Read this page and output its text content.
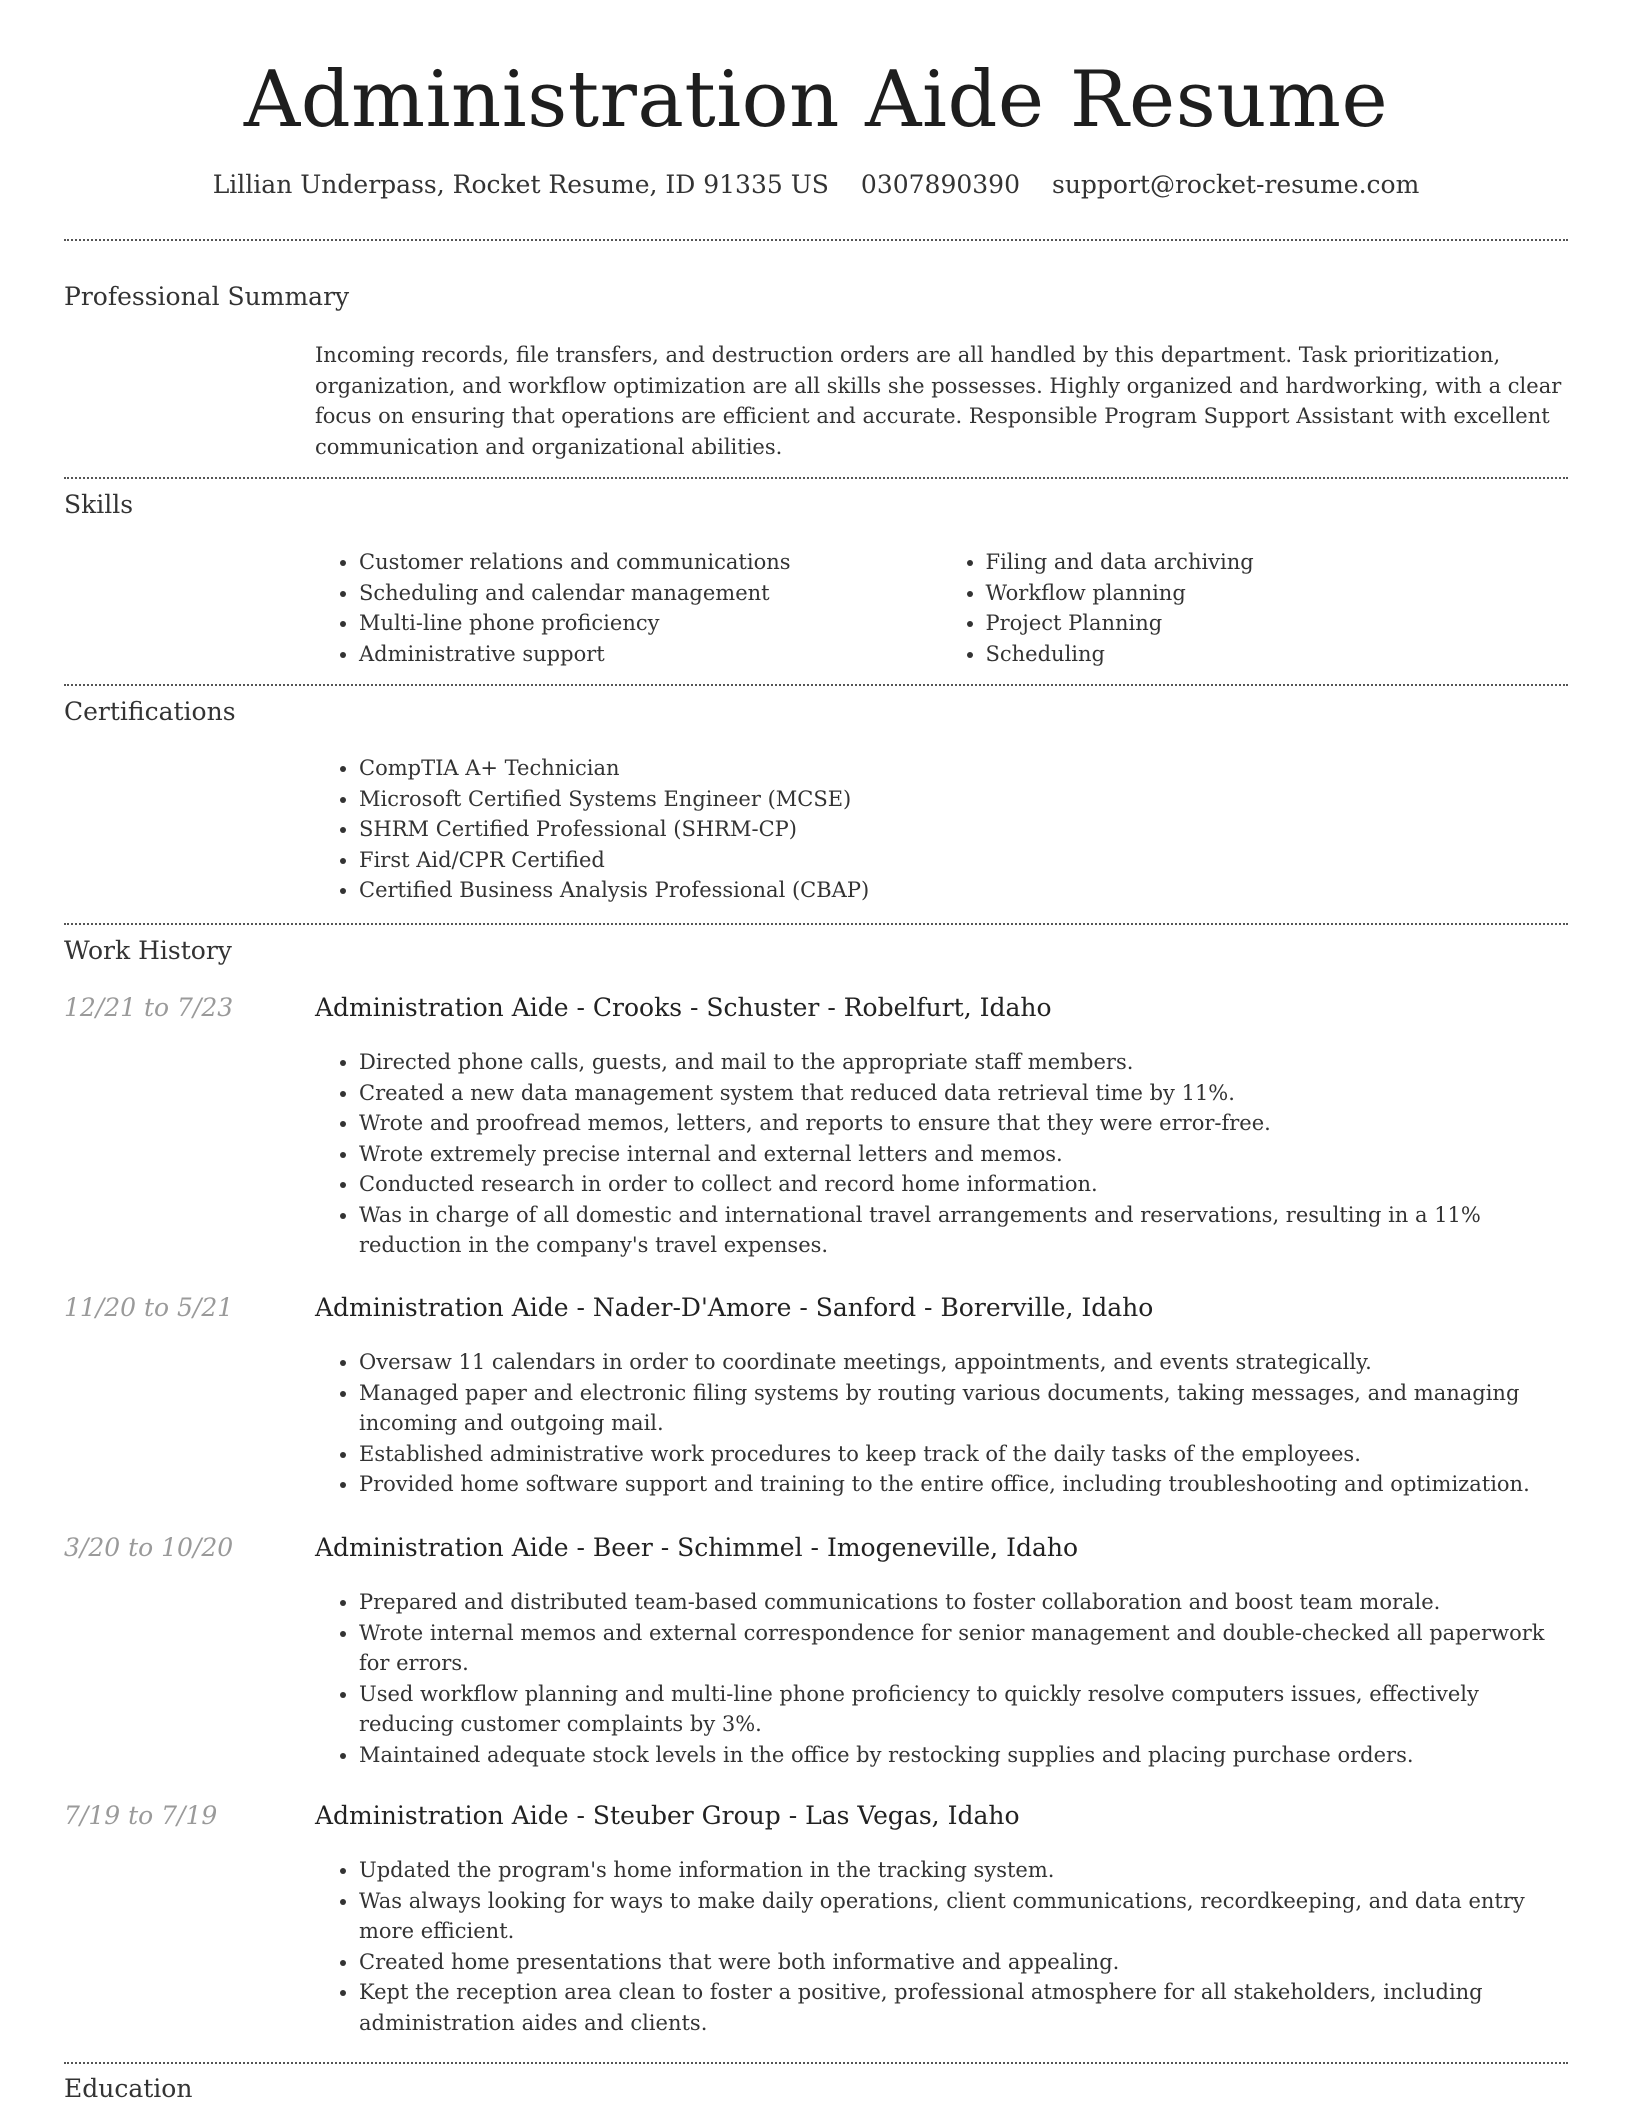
Administration Aide Resume
Lillian Underpass, Rocket Resume, ID 91335 US 0307890390 support@rocket-resume.com
Professional Summary

Incoming records, file transfers, and destruction orders are all handled by this department. Task prioritization, organization, and workflow optimization are all skills she possesses. Highly organized and hardworking, with a clear focus on ensuring that operations are efficient and accurate. Responsible Program Support Assistant with excellent communication and organizational abilities.

Skills
• Customer relations and communications
• Scheduling and calendar management
• Multi-line phone proficiency
• Administrative support
• Filing and data archiving
• Workflow planning
• Project Planning
• Scheduling
Certifications
• CompTIA A+ Technician
• Microsoft Certified Systems Engineer (MCSE)
• SHRM Certified Professional (SHRM-CP)
• First Aid/CPR Certified
• Certified Business Analysis Professional (CBAP)
Work History
12/21 to 7/23	Administration Aide - Crooks - Schuster - Robelfurt, Idaho
• Directed phone calls, guests, and mail to the appropriate staff members.
• Created a new data management system that reduced data retrieval time by 11%.
• Wrote and proofread memos, letters, and reports to ensure that they were error-free.
• Wrote extremely precise internal and external letters and memos.
• Conducted research in order to collect and record home information.
• Was in charge of all domestic and international travel arrangements and reservations, resulting in a 11% reduction in the company's travel expenses.
11/20 to 5/21	Administration Aide - Nader-D'Amore - Sanford - Borerville, Idaho
• Oversaw 11 calendars in order to coordinate meetings, appointments, and events strategically.
• Managed paper and electronic filing systems by routing various documents, taking messages, and managing incoming and outgoing mail.
• Established administrative work procedures to keep track of the daily tasks of the employees.
• Provided home software support and training to the entire office, including troubleshooting and optimization.
3/20 to 10/20	Administration Aide - Beer - Schimmel - Imogeneville, Idaho
• Prepared and distributed team-based communications to foster collaboration and boost team morale.
• Wrote internal memos and external correspondence for senior management and double-checked all paperwork for errors.
• Used workflow planning and multi-line phone proficiency to quickly resolve computers issues, effectively reducing customer complaints by 3%.
• Maintained adequate stock levels in the office by restocking supplies and placing purchase orders.
7/19 to 7/19	Administration Aide - Steuber Group - Las Vegas, Idaho
• Updated the program's home information in the tracking system.
• Was always looking for ways to make daily operations, client communications, recordkeeping, and data entry more efficient.
• Created home presentations that were both informative and appealing.
• Kept the reception area clean to foster a positive, professional atmosphere for all stakeholders, including administration aides and clients.
Education
